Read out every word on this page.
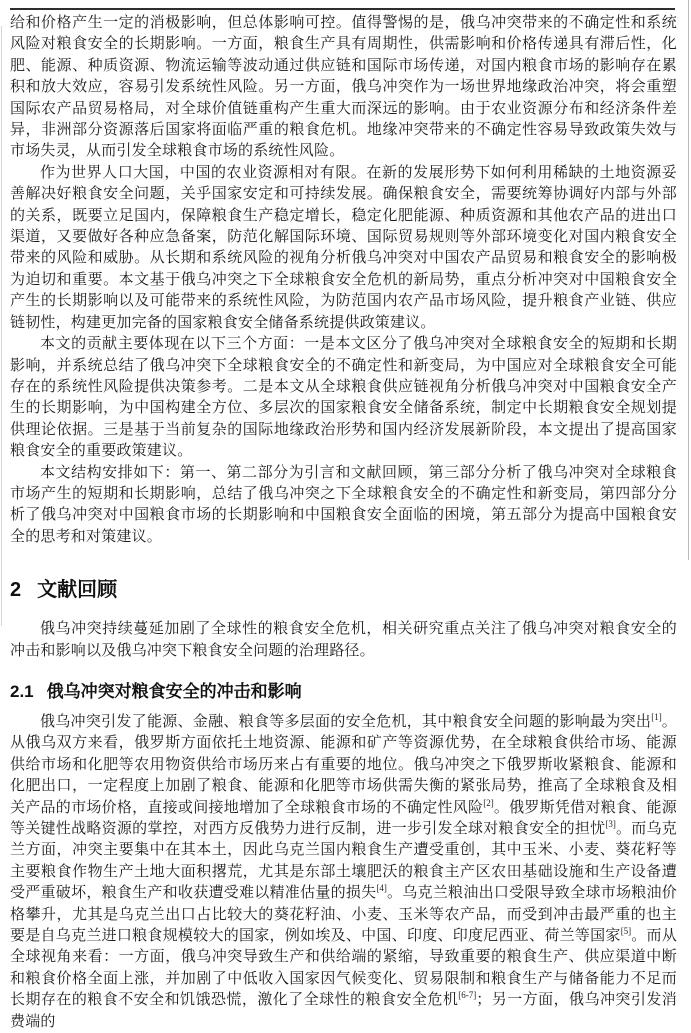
给和价格产生一定的消极影响，但总体影响可控。值得警惕的是，俄乌冲突带来的不确定性和系统风险对粮食安全的长期影响。一方面，粮食生产具有周期性，供需影响和价格传递具有滞后性，化肥、能源、种质资源、物流运输等波动通过供应链和国际市场传递，对国内粮食市场的影响存在累积和放大效应，容易引发系统性风险。另一方面，俄乌冲突作为一场世界地缘政治冲突，将会重塑国际农产品贸易格局，对全球价值链重构产生重大而深远的影响。由于农业资源分布和经济条件差异，非洲部分资源落后国家将面临严重的粮食危机。地缘冲突带来的不确定性容易导致政策失效与市场失灵，从而引发全球粮食市场的系统性风险。

作为世界人口大国，中国的农业资源相对有限。在新的发展形势下如何利用稀缺的土地资源妥善解决好粮食安全问题，关乎国家安定和可持续发展。确保粮食安全，需要统筹协调好内部与外部的关系，既要立足国内，保障粮食生产稳定增长，稳定化肥能源、种质资源和其他农产品的进出口渠道，又要做好各种应急备案，防范化解国际环境、国际贸易规则等外部环境变化对国内粮食安全带来的风险和威胁。从长期和系统风险的视角分析俄乌冲突对中国农产品贸易和粮食安全的影响极为迫切和重要。本文基于俄乌冲突之下全球粮食安全危机的新局势，重点分析冲突对中国粮食安全产生的长期影响以及可能带来的系统性风险，为防范国内农产品市场风险，提升粮食产业链、供应链韧性，构建更加完备的国家粮食安全储备系统提供政策建议。

本文的贡献主要体现在以下三个方面：一是本文区分了俄乌冲突对全球粮食安全的短期和长期影响，并系统总结了俄乌冲突下全球粮食安全的不确定性和新变局，为中国应对全球粮食安全可能存在的系统性风险提供决策参考。二是本文从全球粮食供应链视角分析俄乌冲突对中国粮食安全产生的长期影响，为中国构建全方位、多层次的国家粮食安全储备系统，制定中长期粮食安全规划提供理论依据。三是基于当前复杂的国际地缘政治形势和国内经济发展新阶段，本文提出了提高国家粮食安全的重要政策建议。

本文结构安排如下：第一、第二部分为引言和文献回顾，第三部分分析了俄乌冲突对全球粮食市场产生的短期和长期影响，总结了俄乌冲突之下全球粮食安全的不确定性和新变局，第四部分分析了俄乌冲突对中国粮食市场的长期影响和中国粮食安全面临的困境，第五部分为提高中国粮食安全的思考和对策建议。

2 文献回顾

俄乌冲突持续蔓延加剧了全球性的粮食安全危机，相关研究重点关注了俄乌冲突对粮食安全的冲击和影响以及俄乌冲突下粮食安全问题的治理路径。

2.1 俄乌冲突对粮食安全的冲击和影响

俄乌冲突引发了能源、金融、粮食等多层面的安全危机，其中粮食安全问题的影响最为突出[1]。从俄乌双方来看，俄罗斯方面依托土地资源、能源和矿产等资源优势，在全球粮食供给市场、能源供给市场和化肥等农用物资供给市场历来占有重要的地位。俄乌冲突之下俄罗斯收紧粮食、能源和化肥出口，一定程度上加剧了粮食、能源和化肥等市场供需失衡的紧张局势，推高了全球粮食及相关产品的市场价格，直接或间接地增加了全球粮食市场的不确定性风险[2]。俄罗斯凭借对粮食、能源等关键性战略资源的掌控，对西方反俄势力进行反制，进一步引发全球对粮食安全的担忧[3]。而乌克兰方面，冲突主要集中在其本土，因此乌克兰国内粮食生产遭受重创，其中玉米、小麦、葵花籽等主要粮食作物生产土地大面积撂荒，尤其是东部土壤肥沃的粮食主产区农田基础设施和生产设备遭受严重破坏，粮食生产和收获遭受难以精准估量的损失[4]。乌克兰粮油出口受限导致全球市场粮油价格攀升，尤其是乌克兰出口占比较大的葵花籽油、小麦、玉米等农产品，而受到冲击最严重的也主要是自乌克兰进口粮食规模较大的国家，例如埃及、中国、印度、印度尼西亚、荷兰等国家[5]。而从全球视角来看：一方面，俄乌冲突导致生产和供给端的紧缩，导致重要的粮食生产、供应渠道中断和粮食价格全面上涨，并加剧了中低收入国家因气候变化、贸易限制和粮食生产与储备能力不足而长期存在的粮食不安全和饥饿恐慌，激化了全球性的粮食安全危机[6-7]；另一方面，俄乌冲突引发消费端的
